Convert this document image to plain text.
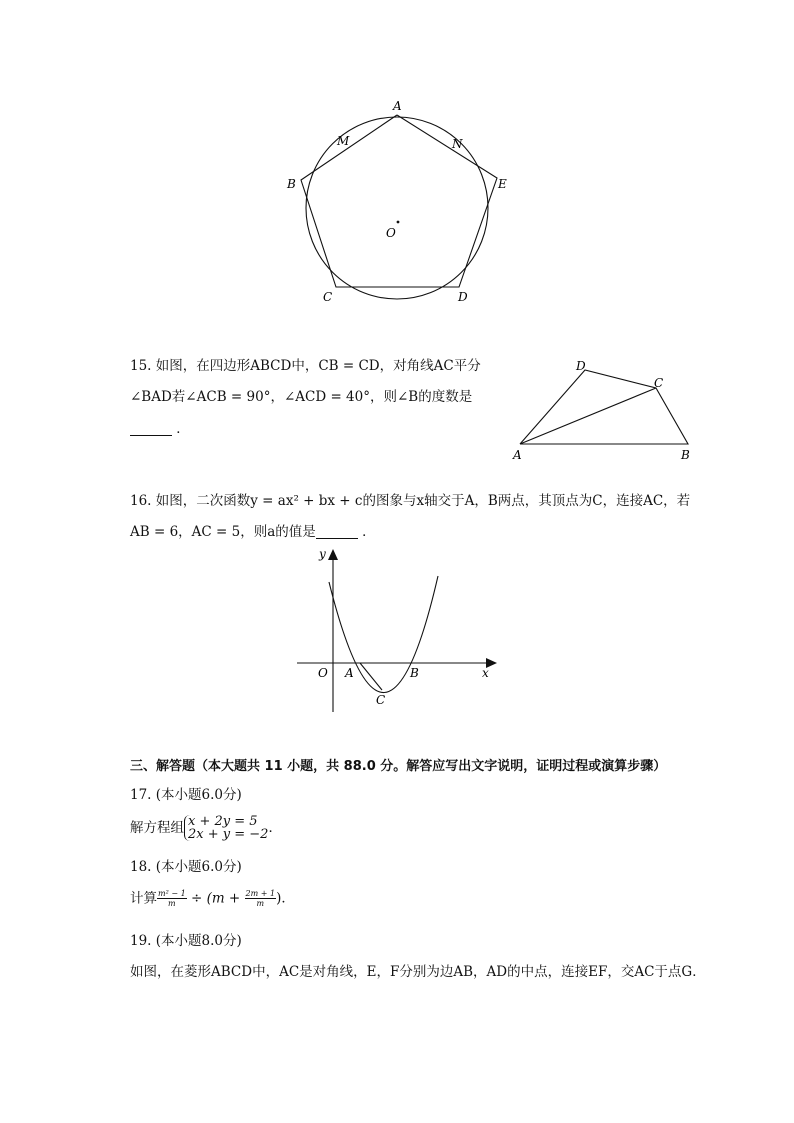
A
M	N
B	E
O
C	D
15. 如图，在四边形ABCD中，CB = CD，对角线AC平分
∠BAD若∠ACB = 90°，∠ACD = 40°，则∠B的度数是
．
D
C
A	B
16. 如图，二次函数y = ax² + bx + c的图象与x轴交于A，B两点，其顶点为C，连接AC，若
AB = 6，AC = 5，则a的值是	．
y
O A	B	x
C
三、解答题（本大题共 11 小题，共 88.0 分。解答应写出文字说明，证明过程或演算步骤）
17. (本小题6.0分)
解方程组 x + 2y = 5
2x + y = −2 ．
18. (本小题6.0分)
计算 $\frac{\text{m² − 1}}{m} \div (m + \frac{2m + 1}{m}$ )．
19. (本小题8.0分)
如图，在菱形ABCD中，AC是对角线，E，F分别为边AB，AD的中点，连接EF，交AC于点G．
